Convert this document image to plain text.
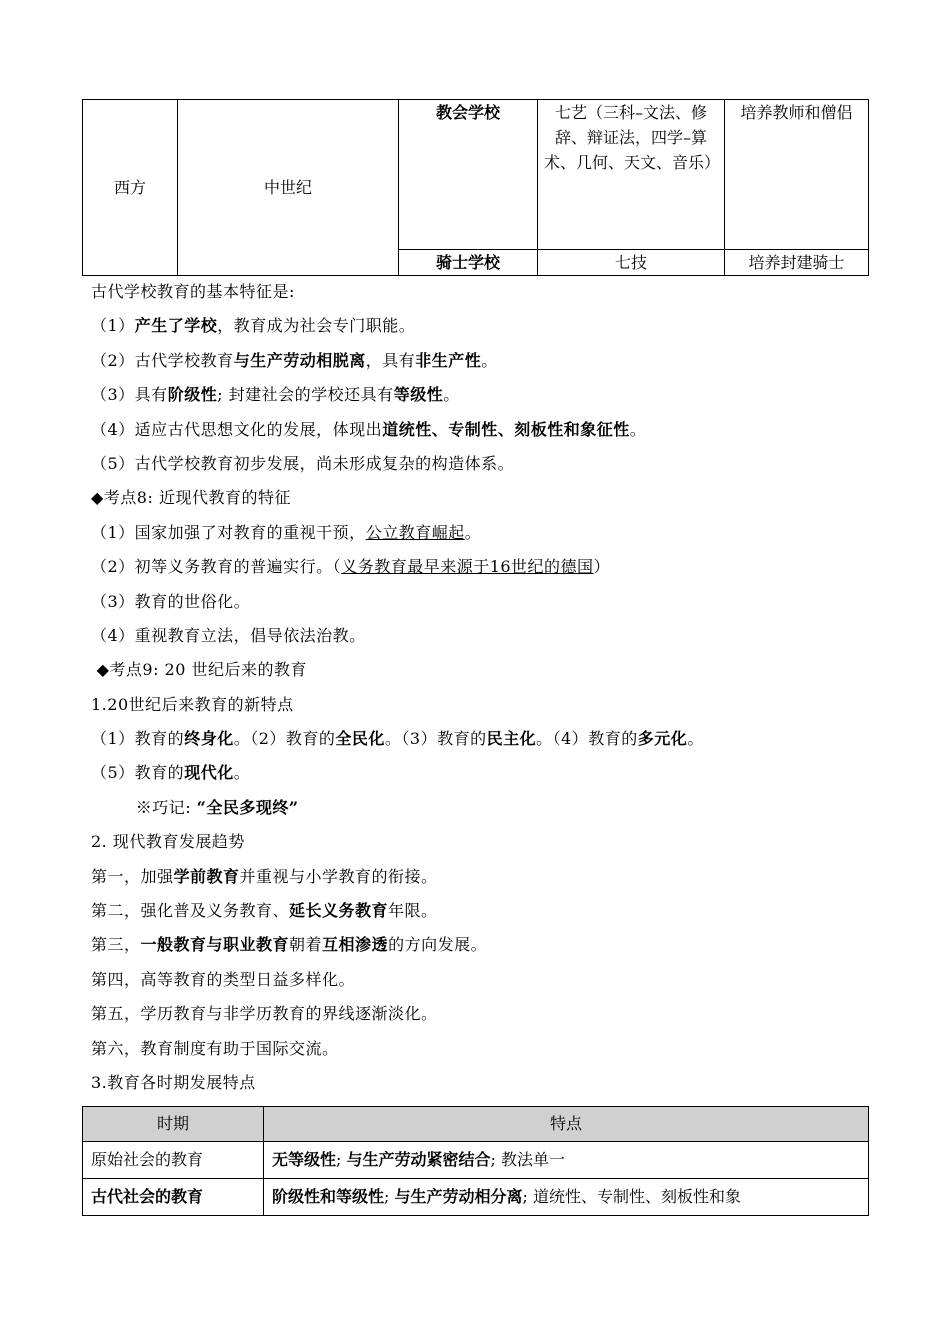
西方	中世纪	教会学校	七艺（三科–文法、修辞、辩证法，四学–算术、几何、天文、音乐）	培养教师和僧侣
		骑士学校	七技	培养封建骑士
古代学校教育的基本特征是:
（1）产生了学校，教育成为社会专门职能。
（2）古代学校教育与生产劳动相脱离，具有非生产性。
（3）具有阶级性; 封建社会的学校还具有等级性。
（4）适应古代思想文化的发展，体现出道统性、专制性、刻板性和象征性。
（5）古代学校教育初步发展，尚未形成复杂的构造体系。
◆考点8: 近现代教育的特征
（1）国家加强了对教育的重视干预，公立教育崛起。
（2）初等义务教育的普遍实行。（义务教育最早来源于16世纪的德国）
（3）教育的世俗化。
（4）重视教育立法，倡导依法治教。
◆考点9: 20 世纪后来的教育
1.20世纪后来教育的新特点
（1）教育的终身化。（2）教育的全民化。（3）教育的民主化。（4）教育的多元化。
（5）教育的现代化。
※巧记: “全民多现终”
2. 现代教育发展趋势
第一，加强学前教育并重视与小学教育的衔接。
第二，强化普及义务教育、延长义务教育年限。
第三，一般教育与职业教育朝着互相渗透的方向发展。
第四，高等教育的类型日益多样化。
第五，学历教育与非学历教育的界线逐渐淡化。
第六，教育制度有助于国际交流。
3.教育各时期发展特点
时期	特点
原始社会的教育	无等级性; 与生产劳动紧密结合; 教法单一
古代社会的教育	阶级性和等级性; 与生产劳动相分离; 道统性、专制性、刻板性和象
